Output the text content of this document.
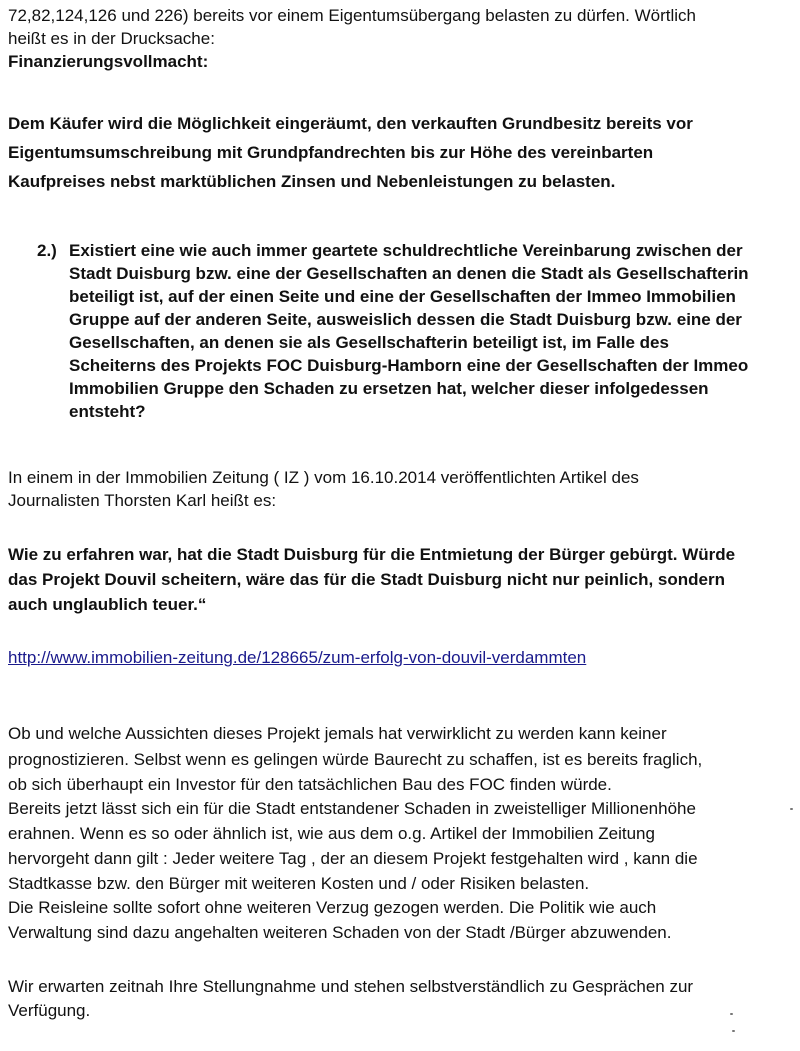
72,82,124,126 und 226) bereits vor einem Eigentumsübergang belasten zu dürfen. Wörtlich
heißt es in der Drucksache:
Finanzierungsvollmacht:
Dem Käufer wird die Möglichkeit eingeräumt, den verkauften Grundbesitz bereits vor
Eigentumsumschreibung mit Grundpfandrechten bis zur Höhe des vereinbarten
Kaufpreises nebst marktüblichen Zinsen und Nebenleistungen zu belasten.
2.) Existiert eine wie auch immer geartete schuldrechtliche Vereinbarung zwischen der
Stadt Duisburg bzw. eine der Gesellschaften an denen die Stadt als Gesellschafterin
beteiligt ist, auf der einen Seite und eine der Gesellschaften der Immeo Immobilien
Gruppe auf der anderen Seite, ausweislich dessen die Stadt Duisburg bzw. eine der
Gesellschaften, an denen sie als Gesellschafterin beteiligt ist, im Falle des
Scheiterns des Projekts FOC Duisburg-Hamborn eine der Gesellschaften der Immeo
Immobilien Gruppe den Schaden zu ersetzen hat, welcher dieser infolgedessen
entsteht?
In einem in der Immobilien Zeitung ( IZ ) vom 16.10.2014 veröffentlichten Artikel des
Journalisten Thorsten Karl heißt es:
Wie zu erfahren war, hat die Stadt Duisburg für die Entmietung der Bürger gebürgt. Würde
das Projekt Douvil scheitern, wäre das für die Stadt Duisburg nicht nur peinlich, sondern
auch unglaublich teuer.“
http://www.immobilien-zeitung.de/128665/zum-erfolg-von-douvil-verdammten
Ob und welche Aussichten dieses Projekt jemals hat verwirklicht zu werden kann keiner
prognostizieren. Selbst wenn es gelingen würde Baurecht zu schaffen, ist es bereits fraglich,
ob sich überhaupt ein Investor für den tatsächlichen Bau des FOC finden würde.
Bereits jetzt lässt sich ein für die Stadt entstandener Schaden in zweistelliger Millionenhöhe
erahnen. Wenn es so oder ähnlich ist, wie aus dem o.g. Artikel der Immobilien Zeitung
hervorgeht dann gilt : Jeder weitere Tag , der an diesem Projekt festgehalten wird , kann die
Stadtkasse bzw. den Bürger mit weiteren Kosten und / oder Risiken belasten.
Die Reisleine sollte sofort ohne weiteren Verzug gezogen werden. Die Politik wie auch
Verwaltung sind dazu angehalten weiteren Schaden von der Stadt /Bürger abzuwenden.
Wir erwarten zeitnah Ihre Stellungnahme und stehen selbstverständlich zu Gesprächen zur
Verfügung.
